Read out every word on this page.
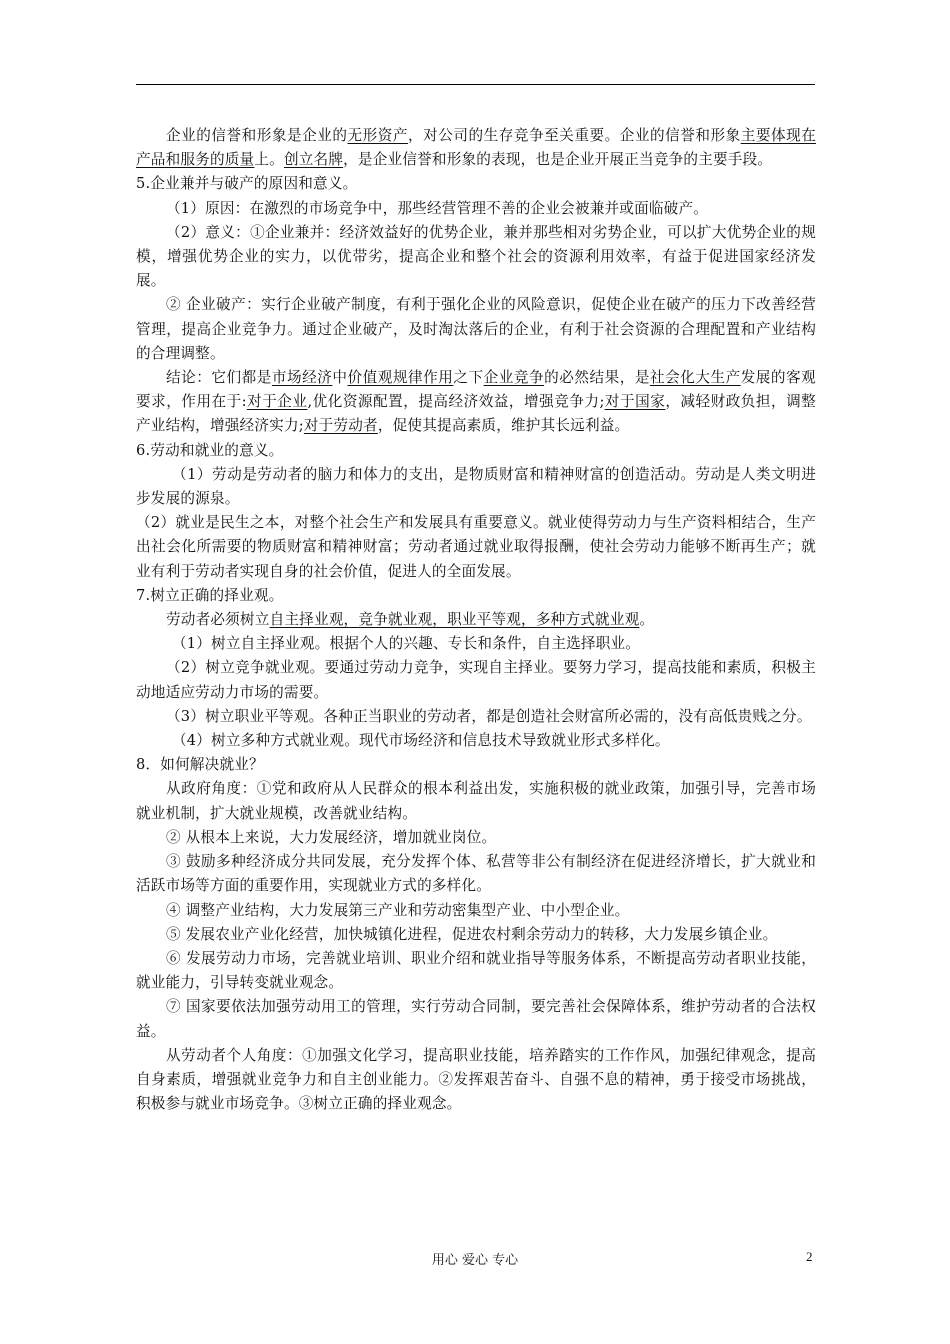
企业的信誉和形象是企业的无形资产，对公司的生存竞争至关重要。企业的信誉和形象主要体现在产品和服务的质量上。创立名牌，是企业信誉和形象的表现，也是企业开展正当竞争的主要手段。

5.企业兼并与破产的原因和意义。

（1）原因：在激烈的市场竞争中，那些经营管理不善的企业会被兼并或面临破产。

（2）意义：①企业兼并：经济效益好的优势企业，兼并那些相对劣势企业，可以扩大优势企业的规模，增强优势企业的实力，以优带劣，提高企业和整个社会的资源利用效率，有益于促进国家经济发展。

② 企业破产：实行企业破产制度，有利于强化企业的风险意识，促使企业在破产的压力下改善经营管理，提高企业竞争力。通过企业破产，及时淘汰落后的企业，有利于社会资源的合理配置和产业结构的合理调整。

结论：它们都是市场经济中价值观规律作用之下企业竞争的必然结果，是社会化大生产发展的客观要求，作用在于:对于企业,优化资源配置，提高经济效益，增强竞争力;对于国家，减轻财政负担，调整产业结构，增强经济实力;对于劳动者，促使其提高素质，维护其长远利益。

6.劳动和就业的意义。

（1）劳动是劳动者的脑力和体力的支出，是物质财富和精神财富的创造活动。劳动是人类文明进步发展的源泉。

（2）就业是民生之本，对整个社会生产和发展具有重要意义。就业使得劳动力与生产资料相结合，生产出社会化所需要的物质财富和精神财富；劳动者通过就业取得报酬，使社会劳动力能够不断再生产；就业有利于劳动者实现自身的社会价值，促进人的全面发展。

7.树立正确的择业观。

劳动者必须树立自主择业观，竞争就业观，职业平等观，多种方式就业观。

（1）树立自主择业观。根据个人的兴趣、专长和条件，自主选择职业。

（2）树立竞争就业观。要通过劳动力竞争，实现自主择业。要努力学习，提高技能和素质，积极主动地适应劳动力市场的需要。

（3）树立职业平等观。各种正当职业的劳动者，都是创造社会财富所必需的，没有高低贵贱之分。

（4）树立多种方式就业观。现代市场经济和信息技术导致就业形式多样化。

8．如何解决就业？

从政府角度：①党和政府从人民群众的根本利益出发，实施积极的就业政策，加强引导，完善市场就业机制，扩大就业规模，改善就业结构。

② 从根本上来说，大力发展经济，增加就业岗位。

③ 鼓励多种经济成分共同发展，充分发挥个体、私营等非公有制经济在促进经济增长，扩大就业和活跃市场等方面的重要作用，实现就业方式的多样化。

④ 调整产业结构，大力发展第三产业和劳动密集型产业、中小型企业。

⑤ 发展农业产业化经营，加快城镇化进程，促进农村剩余劳动力的转移，大力发展乡镇企业。

⑥ 发展劳动力市场，完善就业培训、职业介绍和就业指导等服务体系，不断提高劳动者职业技能，就业能力，引导转变就业观念。

⑦ 国家要依法加强劳动用工的管理，实行劳动合同制，要完善社会保障体系，维护劳动者的合法权益。

从劳动者个人角度：①加强文化学习，提高职业技能，培养踏实的工作作风，加强纪律观念，提高自身素质，增强就业竞争力和自主创业能力。②发挥艰苦奋斗、自强不息的精神，勇于接受市场挑战，积极参与就业市场竞争。③树立正确的择业观念。

用心 爱心 专心	2
